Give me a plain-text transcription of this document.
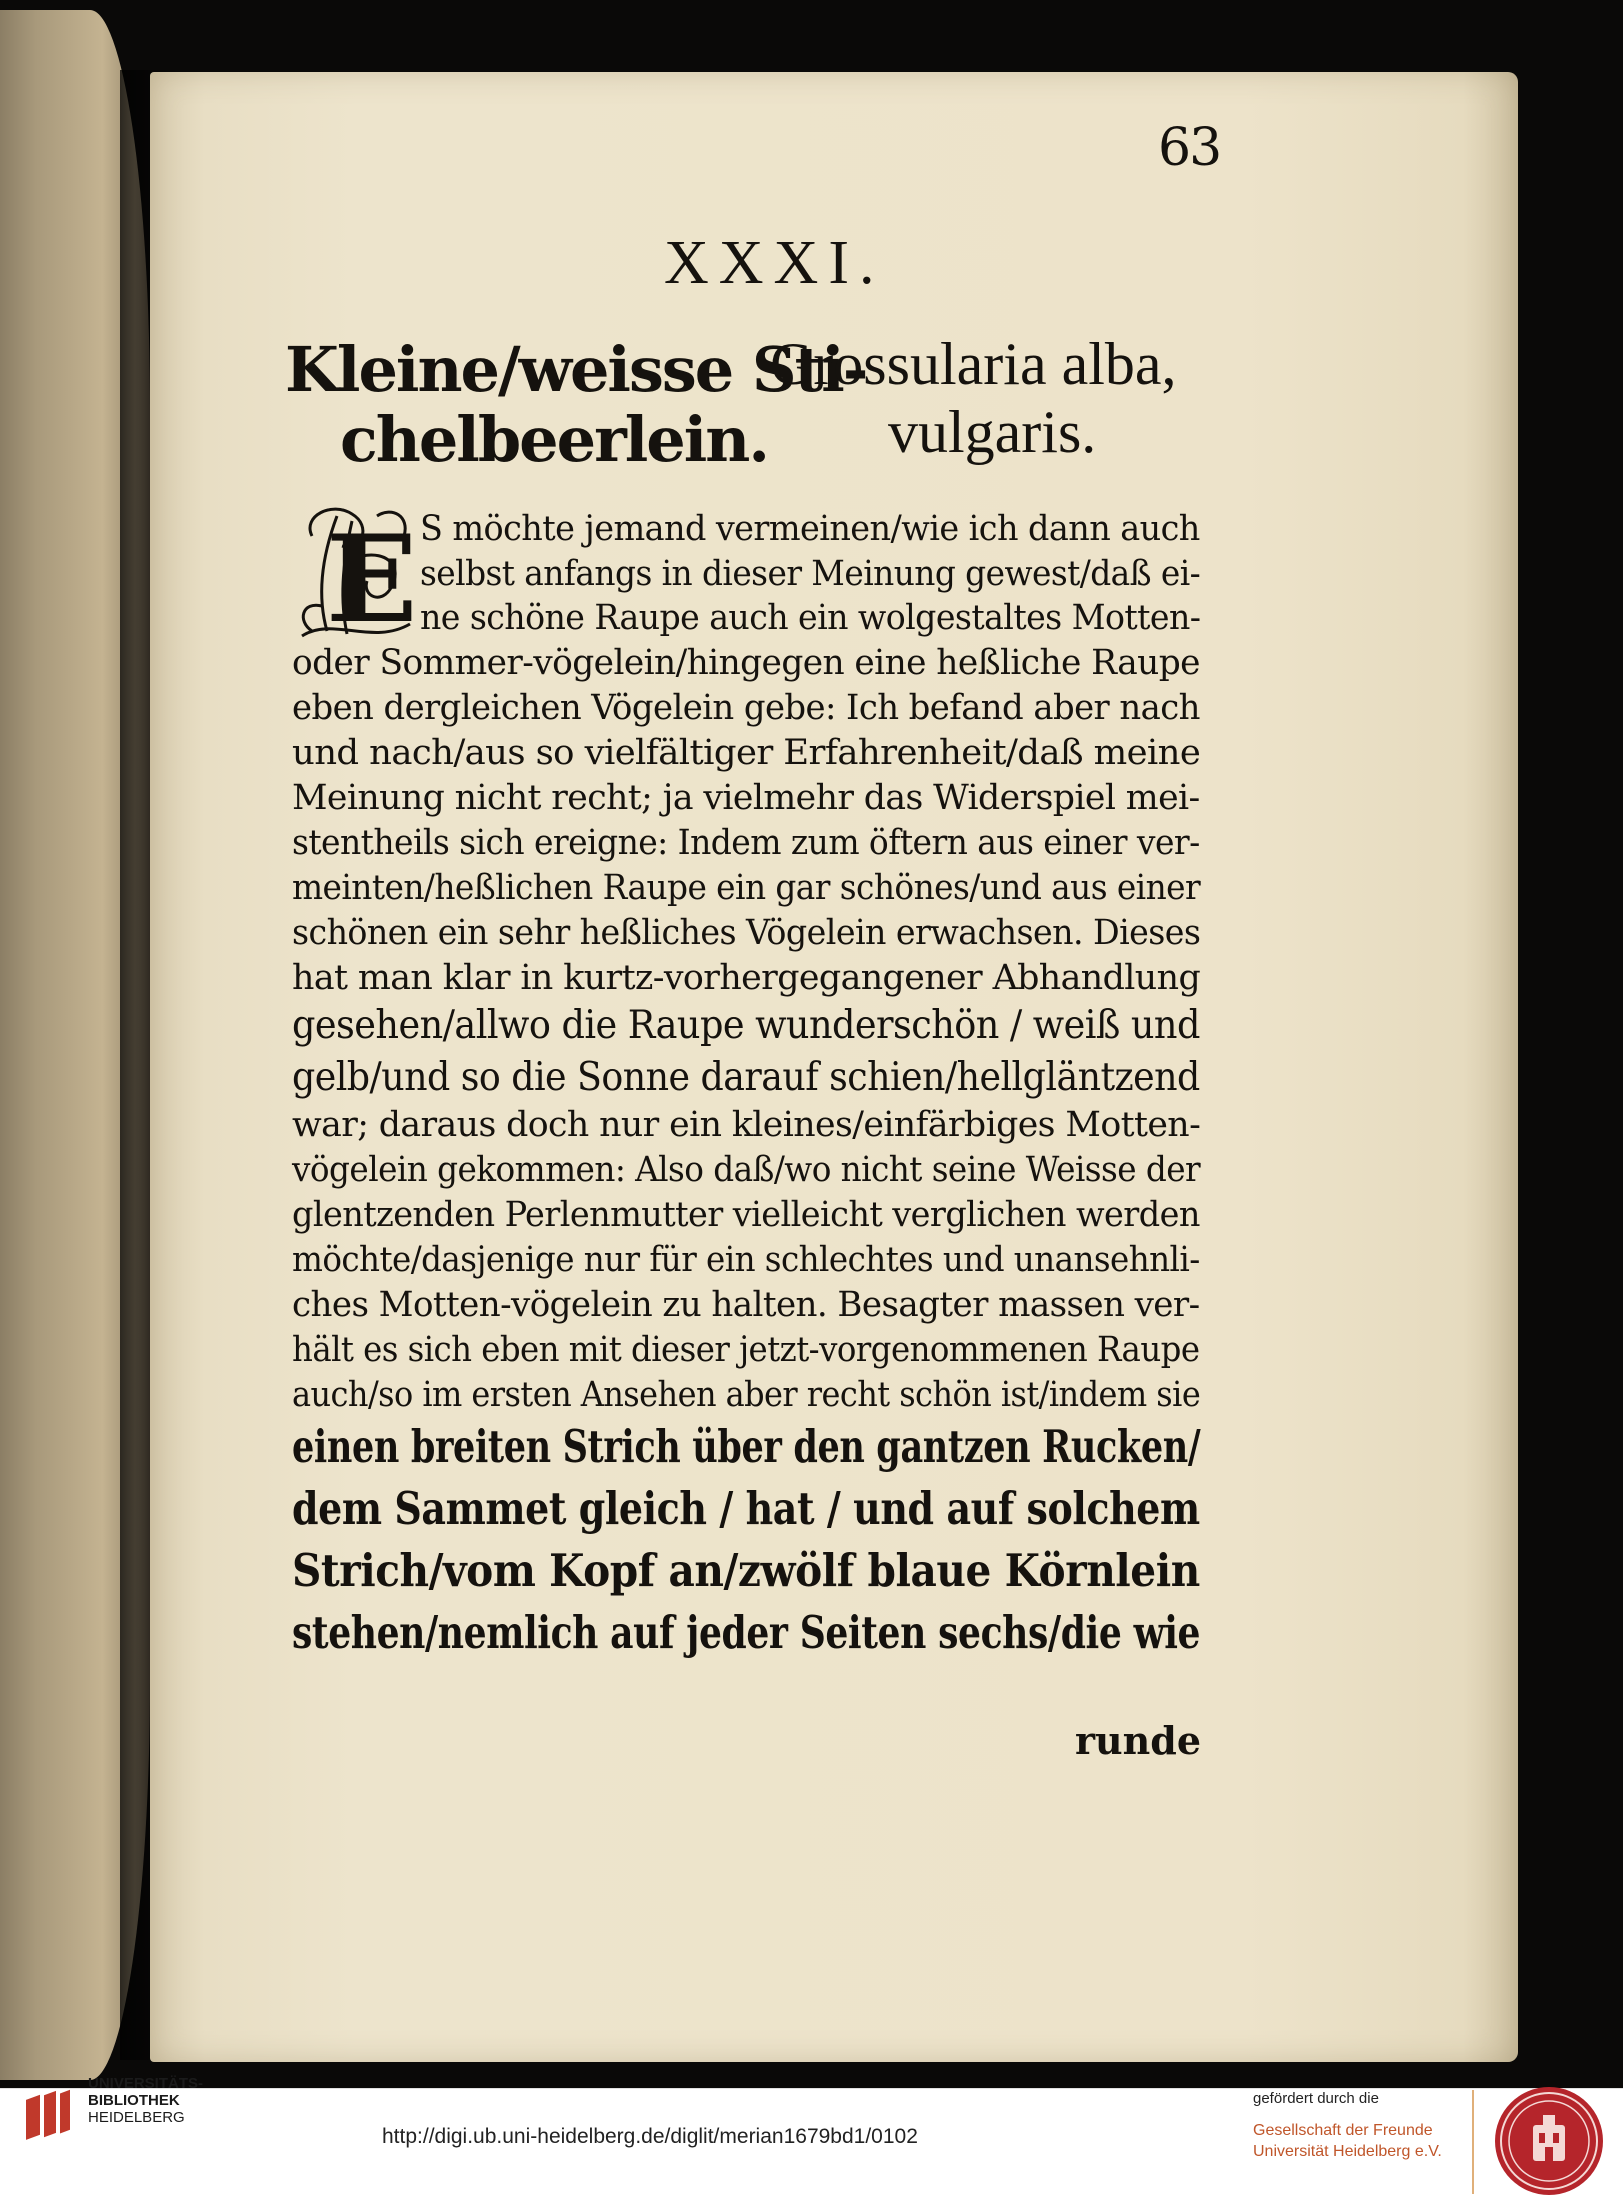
63
XXXI.
Kleine/weisse Sti-
chelbeerlein.
Grossularia alba,
vulgaris.
E S möchte jemand vermeinen/wie ich dann auch
selbst anfangs in dieser Meinung gewest/daß ei-
ne schöne Raupe auch ein wolgestaltes Motten-
oder Sommer-vögelein/hingegen eine heßliche Raupe
eben dergleichen Vögelein gebe: Ich befand aber nach
und nach/aus so vielfältiger Erfahrenheit/daß meine
Meinung nicht recht; ja vielmehr das Widerspiel mei-
stentheils sich ereigne: Indem zum öftern aus einer ver-
meinten/heßlichen Raupe ein gar schönes/und aus einer
schönen ein sehr heßliches Vögelein erwachsen. Dieses
hat man klar in kurtz-vorhergegangener Abhandlung
gesehen/allwo die Raupe wunderschön / weiß und
gelb/und so die Sonne darauf schien/hellgläntzend
war; daraus doch nur ein kleines/einfärbiges Motten-
vögelein gekommen: Also daß/wo nicht seine Weisse der
glentzenden Perlenmutter vielleicht verglichen werden
möchte/dasjenige nur für ein schlechtes und unansehnli-
ches Motten-vögelein zu halten. Besagter massen ver-
hält es sich eben mit dieser jetzt-vorgenommenen Raupe
auch/so im ersten Ansehen aber recht schön ist/indem sie
einen breiten Strich über den gantzen Rucken/
dem Sammet gleich / hat / und auf solchem
Strich/vom Kopf an/zwölf blaue Körnlein
stehen/nemlich auf jeder Seiten sechs/die wie
runde
UNIVERSITÄTS-
BIBLIOTHEK
HEIDELBERG
http://digi.ub.uni-heidelberg.de/diglit/merian1679bd1/0102
gefördert durch die
Gesellschaft der Freunde
Universität Heidelberg e.V.
